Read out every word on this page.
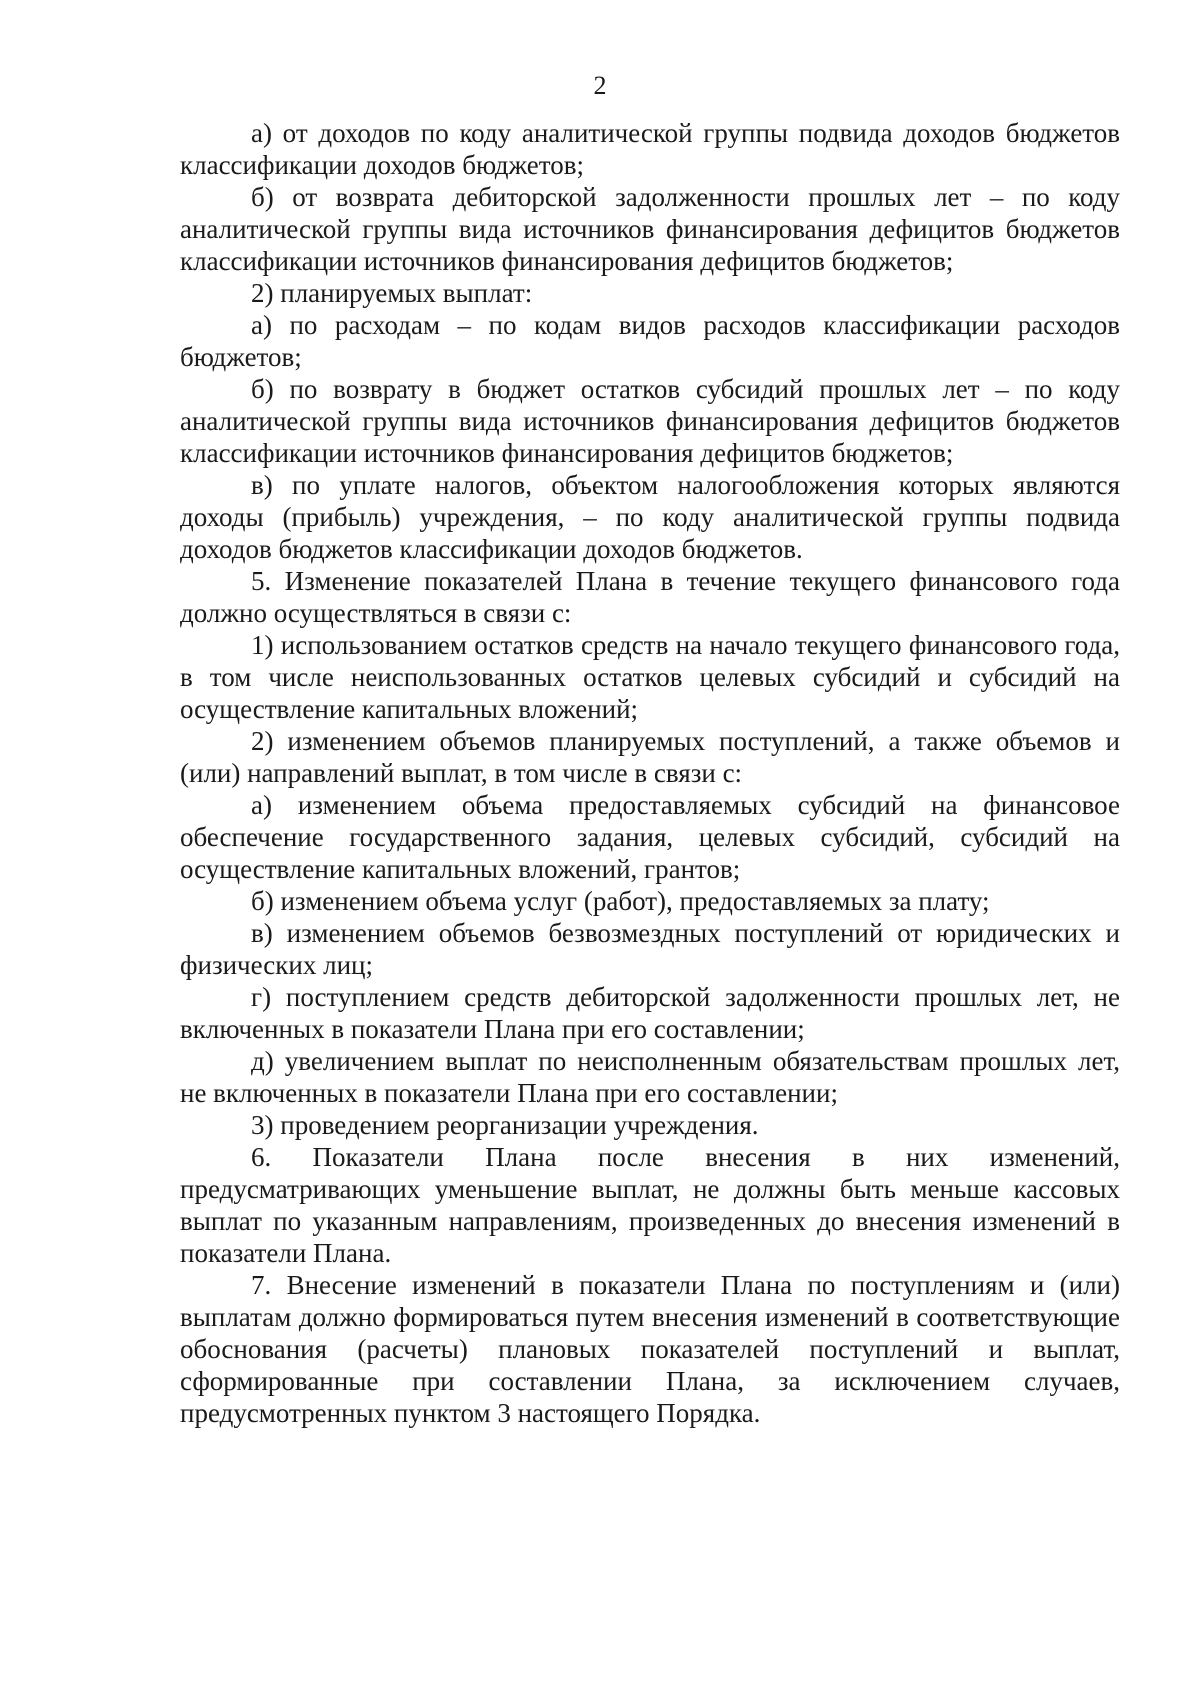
2

а) от доходов по коду аналитической группы подвида доходов бюджетов классификации доходов бюджетов;

б) от возврата дебиторской задолженности прошлых лет – по коду аналитической группы вида источников финансирования дефицитов бюджетов классификации источников финансирования дефицитов бюджетов;

2) планируемых выплат:

а) по расходам – по кодам видов расходов классификации расходов бюджетов;

б) по возврату в бюджет остатков субсидий прошлых лет – по коду аналитической группы вида источников финансирования дефицитов бюджетов классификации источников финансирования дефицитов бюджетов;

в) по уплате налогов, объектом налогообложения которых являются доходы (прибыль) учреждения, – по коду аналитической группы подвида доходов бюджетов классификации доходов бюджетов.

5. Изменение показателей Плана в течение текущего финансового года должно осуществляться в связи с:

1) использованием остатков средств на начало текущего финансового года, в том числе неиспользованных остатков целевых субсидий и субсидий на осуществление капитальных вложений;

2) изменением объемов планируемых поступлений, а также объемов и (или) направлений выплат, в том числе в связи с:

а) изменением объема предоставляемых субсидий на финансовое обеспечение государственного задания, целевых субсидий, субсидий на осуществление капитальных вложений, грантов;

б) изменением объема услуг (работ), предоставляемых за плату;

в) изменением объемов безвозмездных поступлений от юридических и физических лиц;

г) поступлением средств дебиторской задолженности прошлых лет, не включенных в показатели Плана при его составлении;

д) увеличением выплат по неисполненным обязательствам прошлых лет, не включенных в показатели Плана при его составлении;

3) проведением реорганизации учреждения.

6. Показатели Плана после внесения в них изменений, предусматривающих уменьшение выплат, не должны быть меньше кассовых выплат по указанным направлениям, произведенных до внесения изменений в показатели Плана.

7. Внесение изменений в показатели Плана по поступлениям и (или) выплатам должно формироваться путем внесения изменений в соответствующие обоснования (расчеты) плановых показателей поступлений и выплат, сформированные при составлении Плана, за исключением случаев, предусмотренных пунктом 3 настоящего Порядка.
